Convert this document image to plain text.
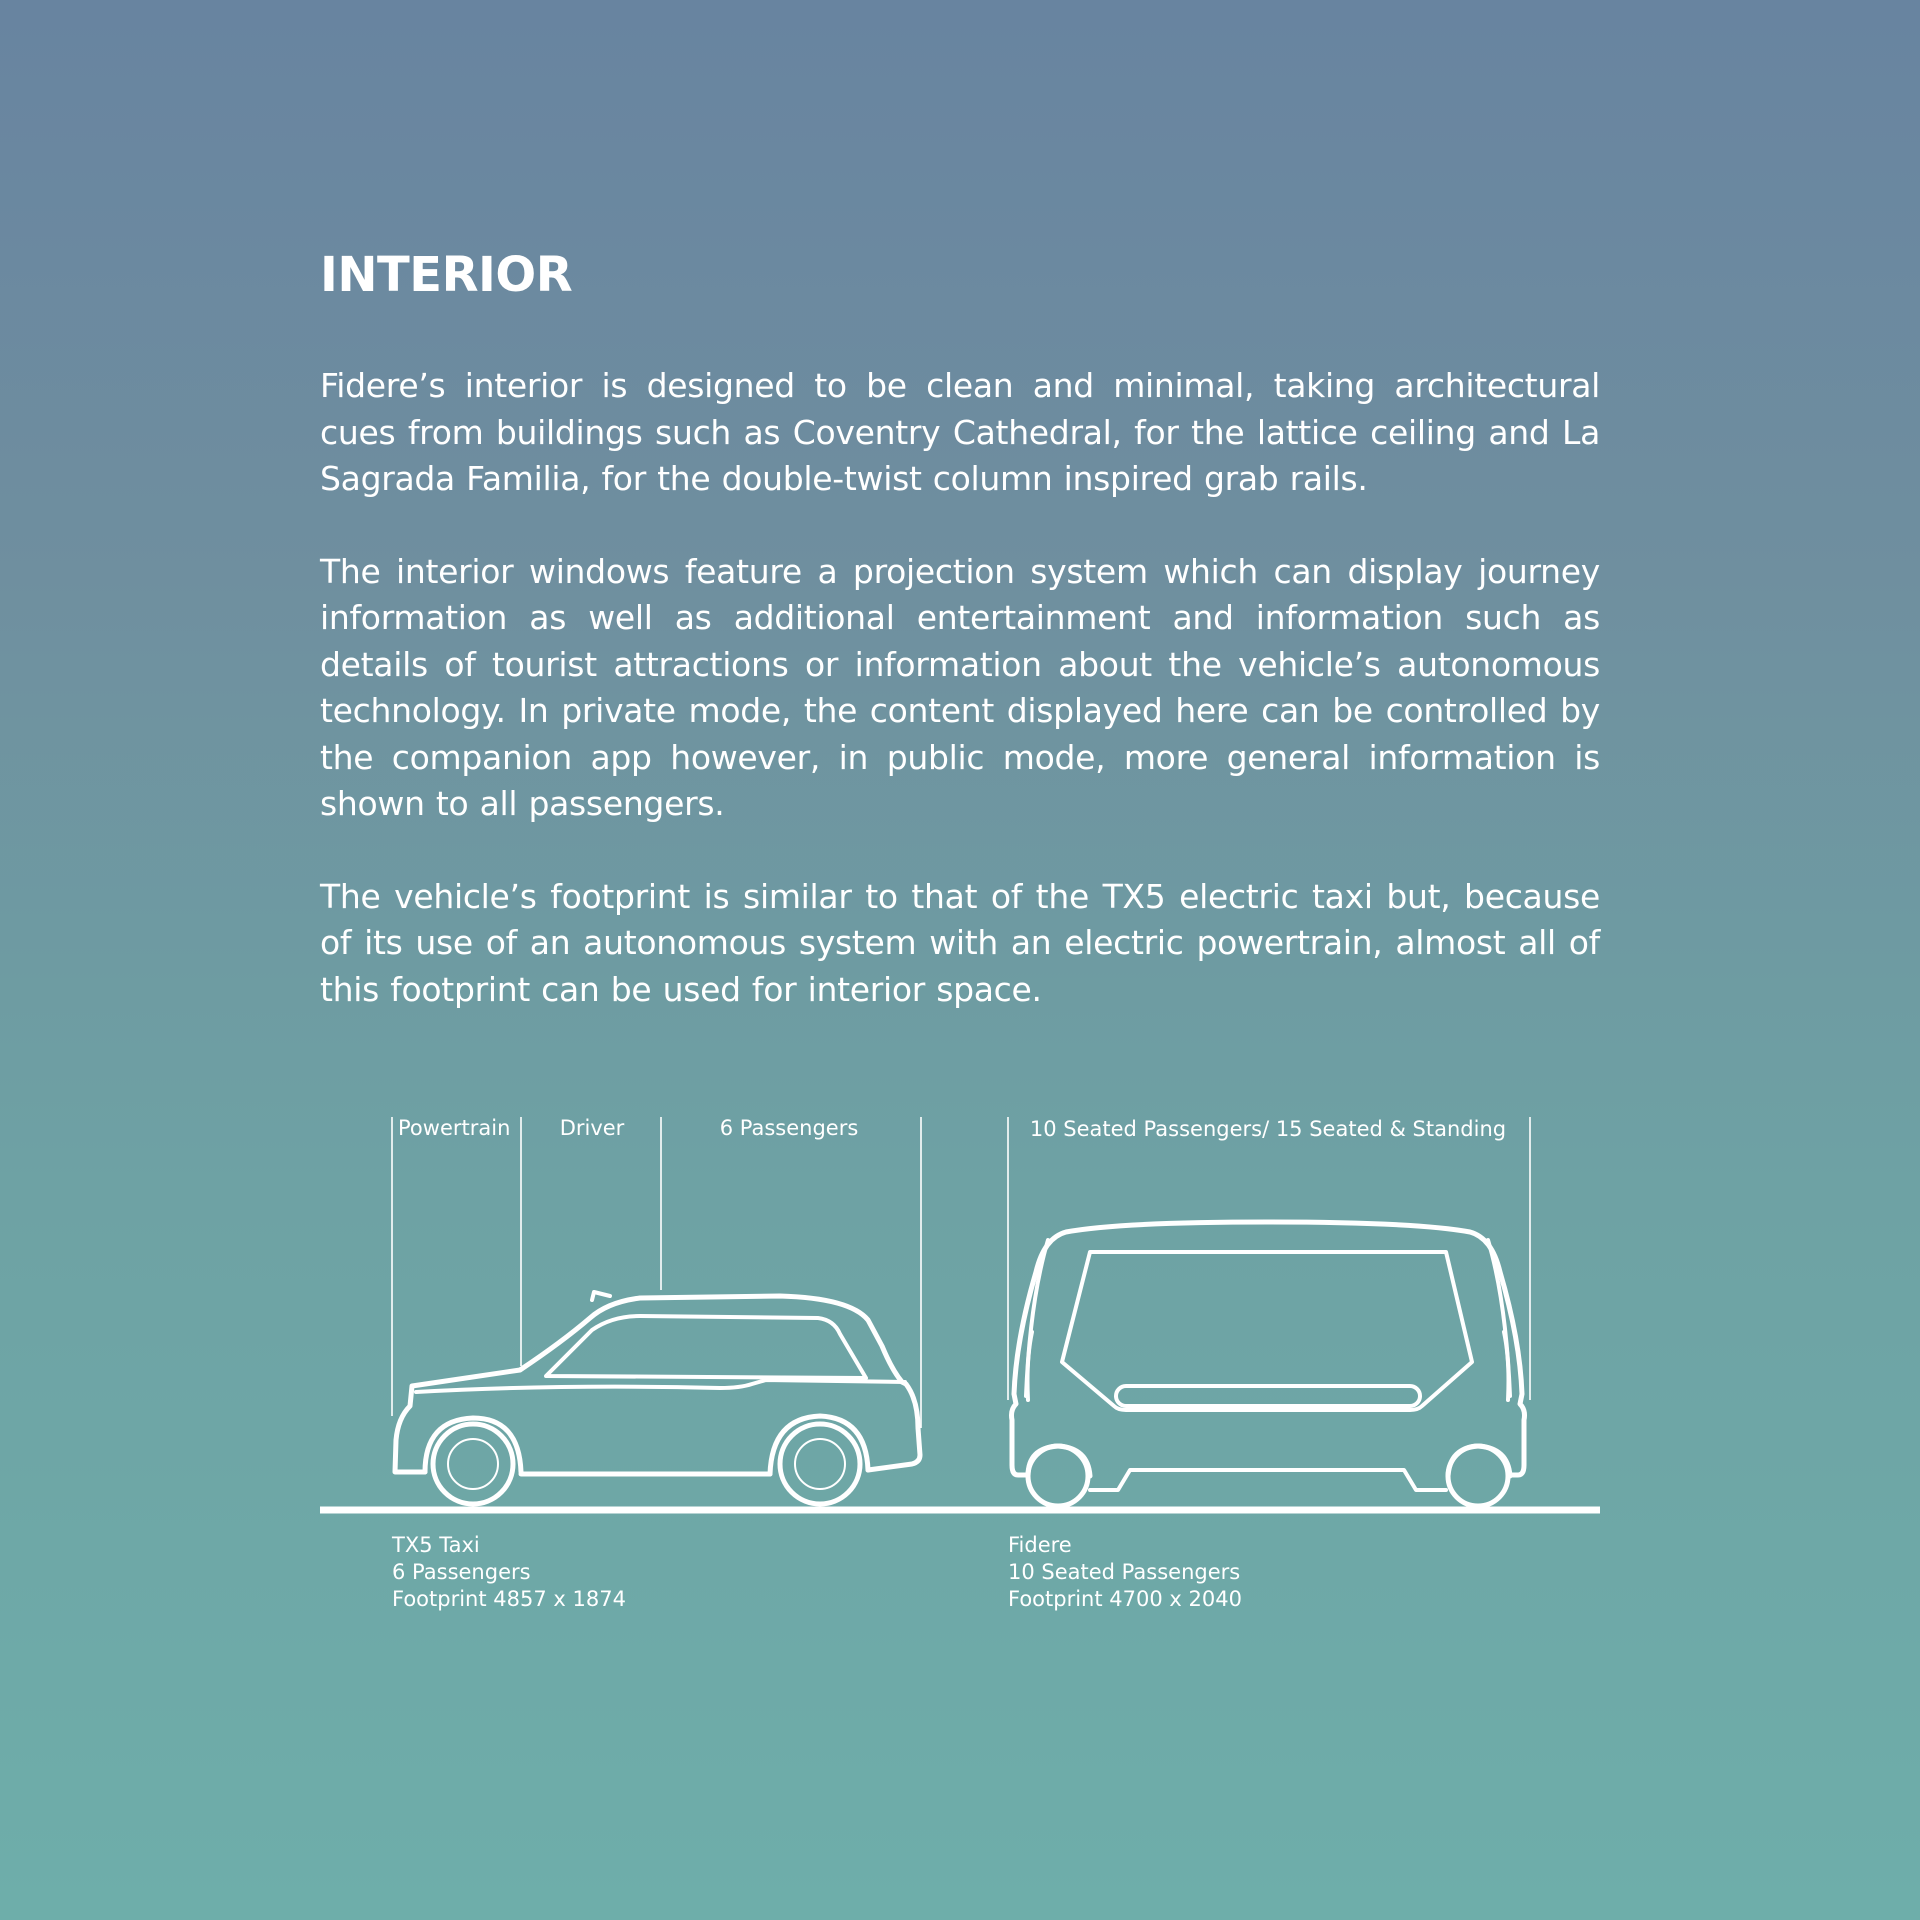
INTERIOR

Fidere’s interior is designed to be clean and minimal, taking architectural cues from buildings such as Coventry Cathedral, for the lattice ceiling and La Sagrada Familia, for the double-twist column inspired grab rails.

The interior windows feature a projection system which can display journey information as well as additional entertainment and information such as details of tourist attractions or information about the vehicle’s autonomous technology. In private mode, the content displayed here can be controlled by the companion app however, in public mode, more general information is shown to all passengers.

The vehicle’s footprint is similar to that of the TX5 electric taxi but, because of its use of an autonomous system with an electric powertrain, almost all of this footprint can be used for interior space.

Powertrain Driver	6 Passengers	10 Seated Passengers/ 15 Seated & Standing
TX5 Taxi
6 Passengers
Footprint 4857 x 1874
Fidere
10 Seated Passengers
Footprint 4700 x 2040
